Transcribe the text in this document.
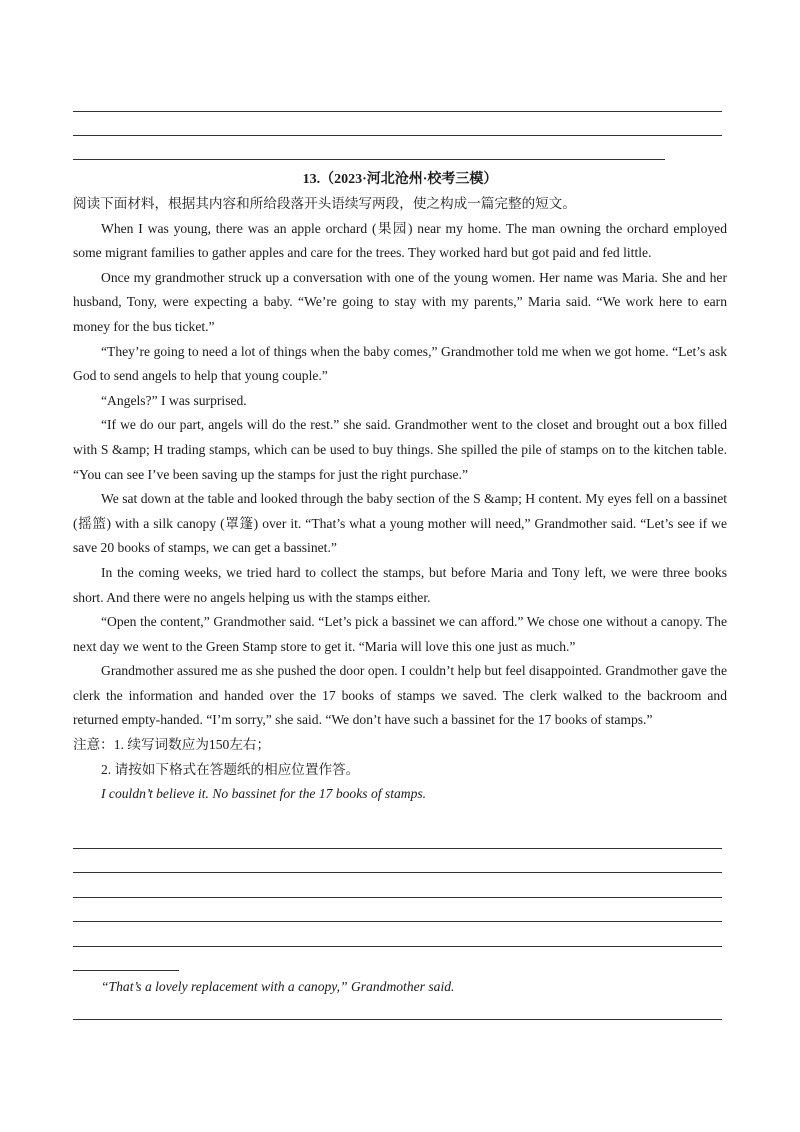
13.（2023·河北沧州·校考三模）

阅读下面材料，根据其内容和所给段落开头语续写两段，使之构成一篇完整的短文。

When I was young, there was an apple orchard (果园) near my home. The man owning the orchard employed some migrant families to gather apples and care for the trees. They worked hard but got paid and fed little.

Once my grandmother struck up a conversation with one of the young women. Her name was Maria. She and her husband, Tony, were expecting a baby. “We’re going to stay with my parents,” Maria said. “We work here to earn money for the bus ticket.”

“They’re going to need a lot of things when the baby comes,” Grandmother told me when we got home. “Let’s ask God to send angels to help that young couple.”

“Angels?” I was surprised.

“If we do our part, angels will do the rest.” she said. Grandmother went to the closet and brought out a box filled with S &amp; H trading stamps, which can be used to buy things. She spilled the pile of stamps on to the kitchen table. “You can see I’ve been saving up the stamps for just the right purchase.”

We sat down at the table and looked through the baby section of the S &amp; H content. My eyes fell on a bassinet (摇篮) with a silk canopy (罩篷) over it. “That’s what a young mother will need,” Grandmother said. “Let’s see if we save 20 books of stamps, we can get a bassinet.”

In the coming weeks, we tried hard to collect the stamps, but before Maria and Tony left, we were three books short. And there were no angels helping us with the stamps either.

“Open the content,” Grandmother said. “Let’s pick a bassinet we can afford.” We chose one without a canopy. The next day we went to the Green Stamp store to get it. “Maria will love this one just as much.”

Grandmother assured me as she pushed the door open. I couldn’t help but feel disappointed. Grandmother gave the clerk the information and handed over the 17 books of stamps we saved. The clerk walked to the backroom and returned empty-handed. “I’m sorry,” she said. “We don’t have such a bassinet for the 17 books of stamps.”

注意：1. 续写词数应为150左右；

2. 请按如下格式在答题纸的相应位置作答。

I couldn’t believe it. No bassinet for the 17 books of stamps.

“That’s a lovely replacement with a canopy,” Grandmother said.
